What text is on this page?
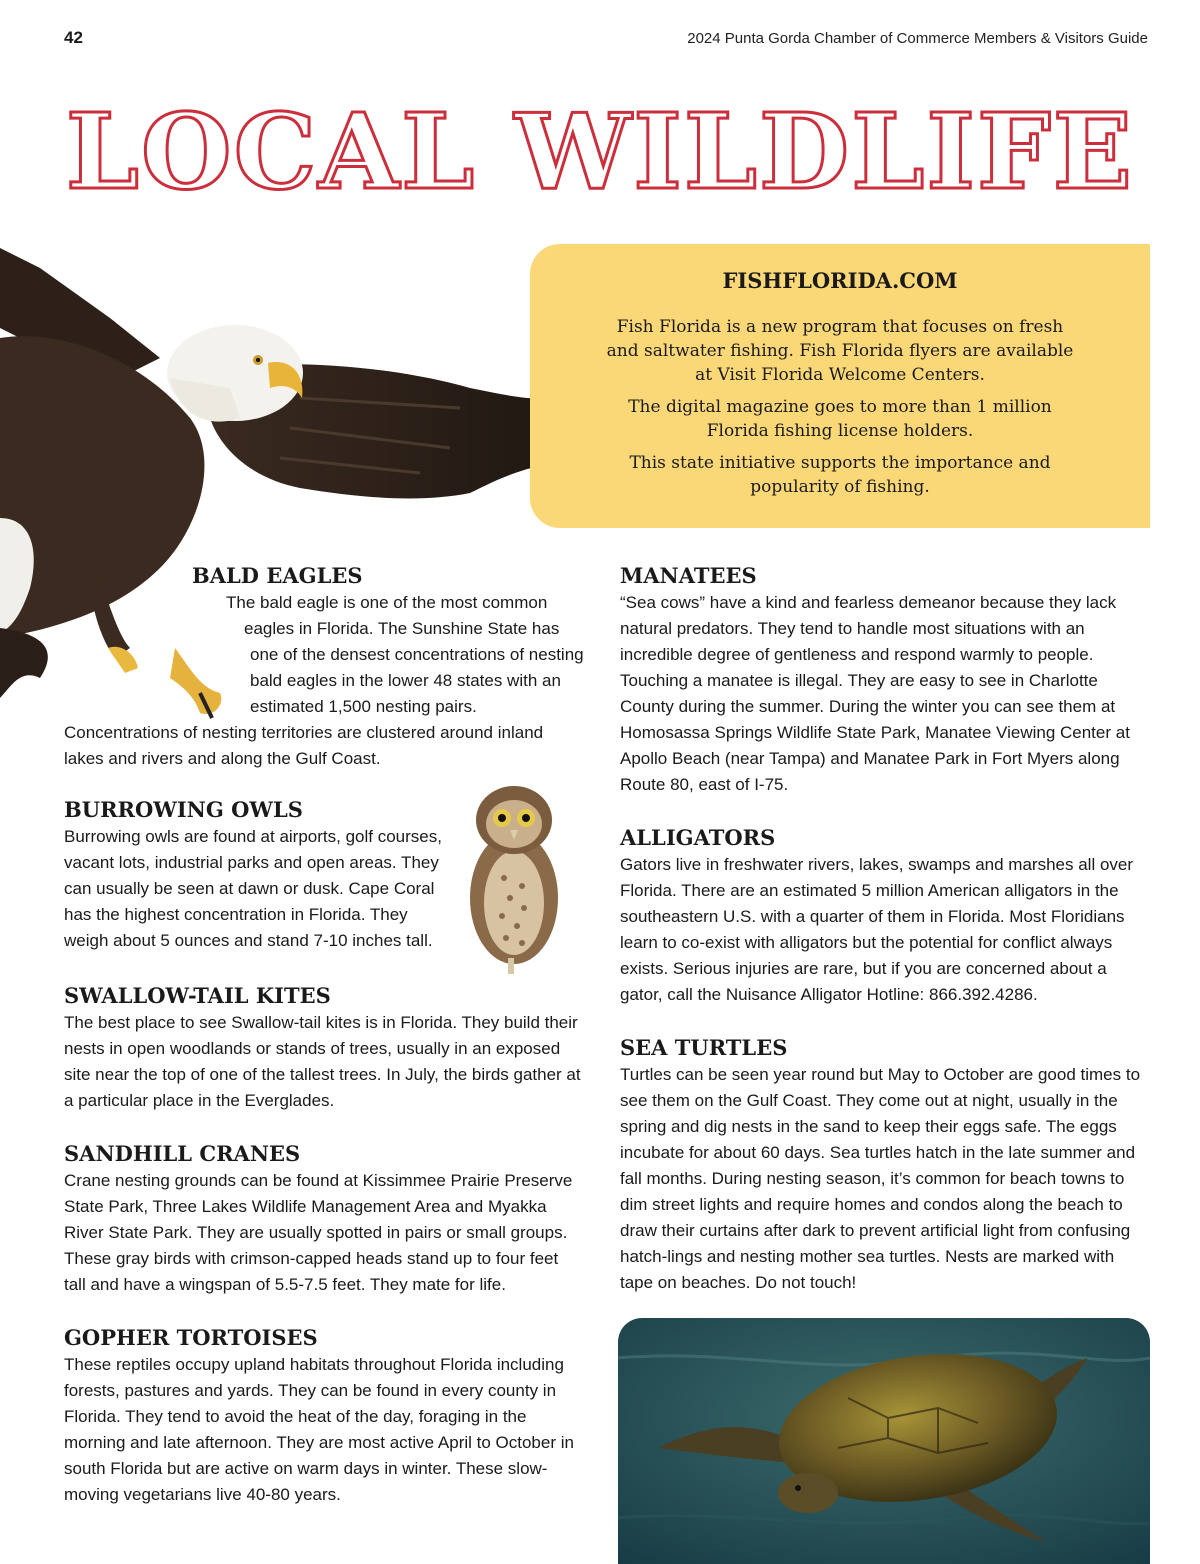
42	2024 Punta Gorda Chamber of Commerce Members & Visitors Guide
LOCAL WILDLIFE
FISHFLORIDA.COM

Fish Florida is a new program that focuses on fresh and saltwater fishing. Fish Florida flyers are available at Visit Florida Welcome Centers.

The digital magazine goes to more than 1 million Florida fishing license holders.

This state initiative supports the importance and popularity of fishing.

BALD EAGLES

The bald eagle is one of the most common eagles in Florida. The Sunshine State has one of the densest concentrations of nesting bald eagles in the lower 48 states with an estimated 1,500 nesting pairs. Concentrations of nesting territories are clustered around inland lakes and rivers and along the Gulf Coast.

BURROWING OWLS

Burrowing owls are found at airports, golf courses, vacant lots, industrial parks and open areas. They can usually be seen at dawn or dusk. Cape Coral has the highest concentration in Florida. They weigh about 5 ounces and stand 7-10 inches tall.

SWALLOW-TAIL KITES

The best place to see Swallow-tail kites is in Florida. They build their nests in open woodlands or stands of trees, usually in an exposed site near the top of one of the tallest trees. In July, the birds gather at a particular place in the Everglades.

SANDHILL CRANES

Crane nesting grounds can be found at Kissimmee Prairie Preserve State Park, Three Lakes Wildlife Management Area and Myakka River State Park. They are usually spotted in pairs or small groups. These gray birds with crimson-capped heads stand up to four feet tall and have a wingspan of 5.5-7.5 feet. They mate for life.

GOPHER TORTOISES

These reptiles occupy upland habitats throughout Florida including forests, pastures and yards. They can be found in every county in Florida. They tend to avoid the heat of the day, foraging in the morning and late afternoon. They are most active April to October in south Florida but are active on warm days in winter. These slow-moving vegetarians live 40-80 years.

MANATEES

“Sea cows” have a kind and fearless demeanor because they lack natural predators. They tend to handle most situations with an incredible degree of gentleness and respond warmly to people. Touching a manatee is illegal. They are easy to see in Charlotte County during the summer. During the winter you can see them at Homosassa Springs Wildlife State Park, Manatee Viewing Center at Apollo Beach (near Tampa) and Manatee Park in Fort Myers along Route 80, east of I-75.

ALLIGATORS

Gators live in freshwater rivers, lakes, swamps and marshes all over Florida. There are an estimated 5 million American alligators in the southeastern U.S. with a quarter of them in Florida. Most Floridians learn to co-exist with alligators but the potential for conflict always exists. Serious injuries are rare, but if you are concerned about a gator, call the Nuisance Alligator Hotline: 866.392.4286.

SEA TURTLES

Turtles can be seen year round but May to October are good times to see them on the Gulf Coast. They come out at night, usually in the spring and dig nests in the sand to keep their eggs safe. The eggs incubate for about 60 days. Sea turtles hatch in the late summer and fall months. During nesting season, it’s common for beach towns to dim street lights and require homes and condos along the beach to draw their curtains after dark to prevent artificial light from confusing hatch-lings and nesting mother sea turtles. Nests are marked with tape on beaches. Do not touch!
